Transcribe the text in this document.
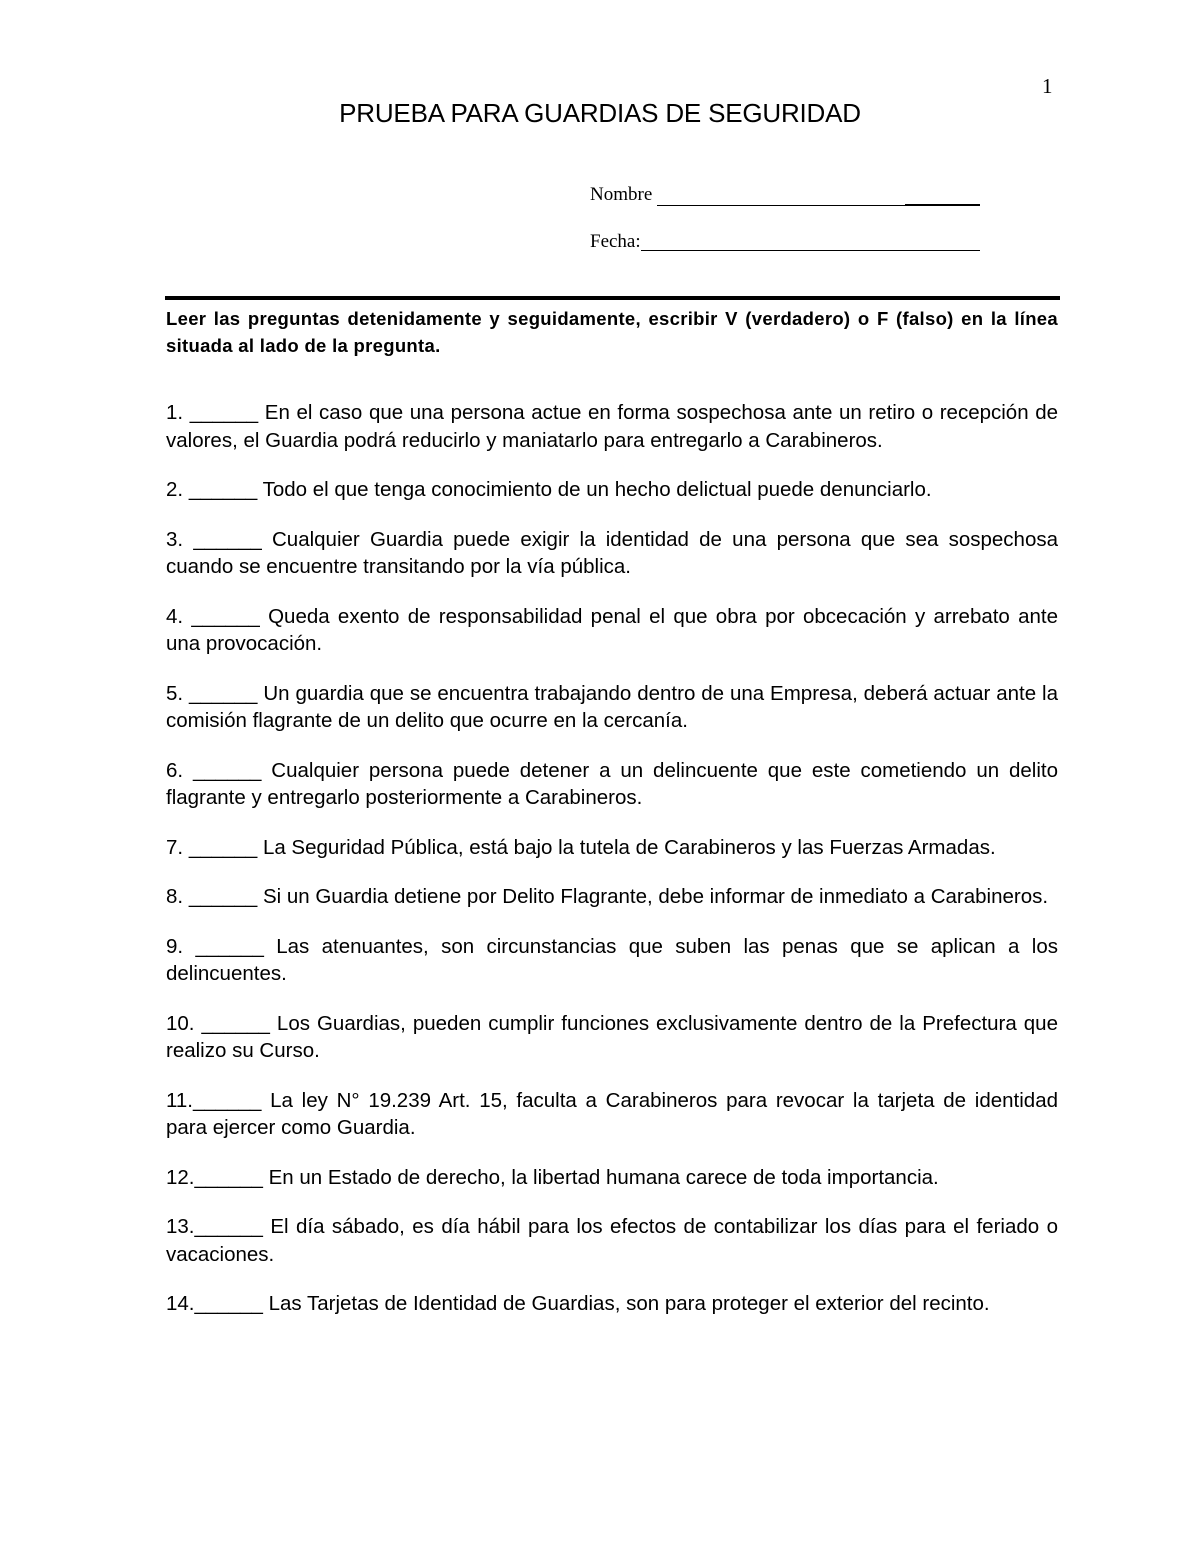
1
PRUEBA PARA GUARDIAS DE SEGURIDAD
Nombre
Fecha:
Leer las preguntas detenidamente y seguidamente, escribir V (verdadero) o F (falso) en la línea situada al lado de la pregunta.

1. ______ En el caso que una persona actue en forma sospechosa ante un retiro o recepción de valores, el Guardia podrá reducirlo y maniatarlo para entregarlo a Carabineros.

2. ______ Todo el que tenga conocimiento de un hecho delictual puede denunciarlo.

3. ______ Cualquier Guardia puede exigir la identidad de una persona que sea sospechosa cuando se encuentre transitando por la vía pública.

4. ______ Queda exento de responsabilidad penal el que obra por obcecación y arrebato ante una provocación.

5. ______ Un guardia que se encuentra trabajando dentro de una Empresa, deberá actuar ante la comisión flagrante de un delito que ocurre en la cercanía.

6. ______ Cualquier persona puede detener a un delincuente que este cometiendo un delito flagrante y entregarlo posteriormente a Carabineros.

7. ______ La Seguridad Pública, está bajo la tutela de Carabineros y las Fuerzas Armadas.

8. ______ Si un Guardia detiene por Delito Flagrante, debe informar de inmediato a Carabineros.

9. ______ Las atenuantes, son circunstancias que suben las penas que se aplican a los delincuentes.

10. ______ Los Guardias, pueden cumplir funciones exclusivamente dentro de la Prefectura que realizo su Curso.

11.______ La ley N° 19.239 Art. 15, faculta a Carabineros para revocar la tarjeta de identidad para ejercer como Guardia.

12.______ En un Estado de derecho, la libertad humana carece de toda importancia.

13.______ El día sábado, es día hábil para los efectos de contabilizar los días para el feriado o vacaciones.

14.______ Las Tarjetas de Identidad de Guardias, son para proteger el exterior del recinto.
